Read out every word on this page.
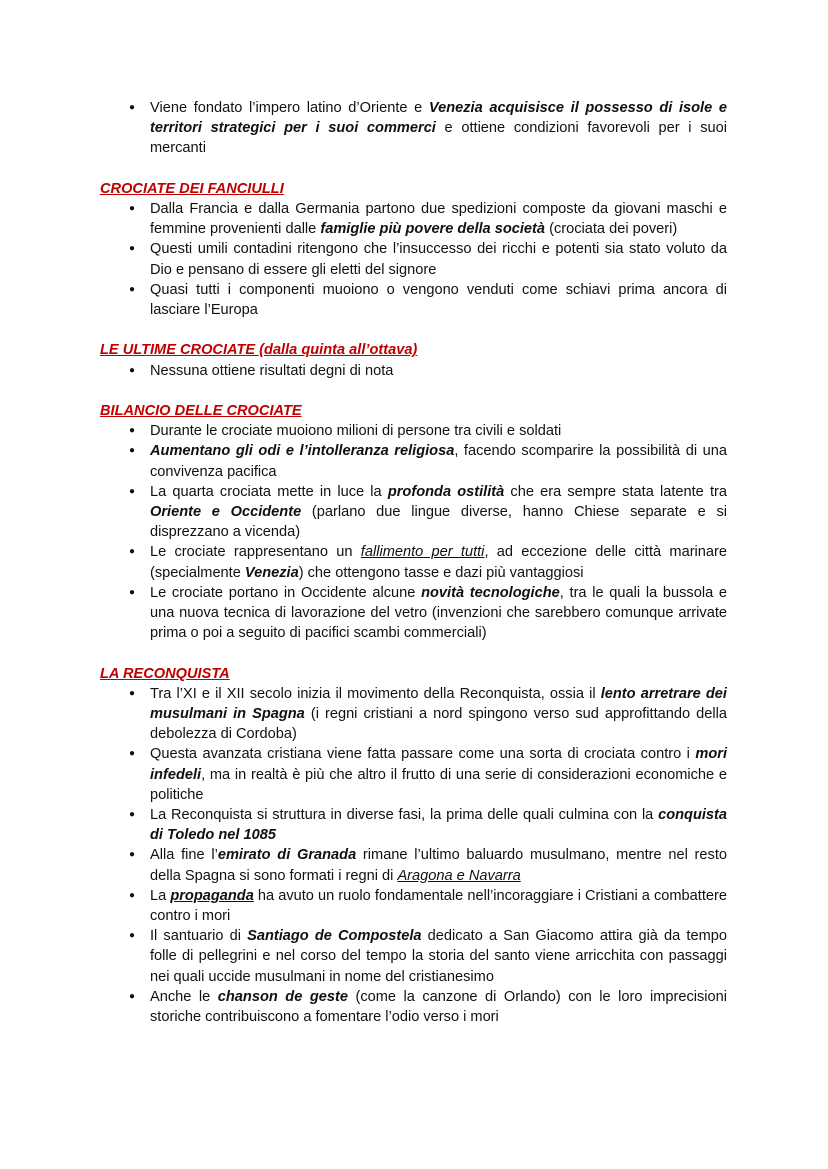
● Viene fondato l’impero latino d’Oriente e Venezia acquisisce il possesso di isole e territori strategici per i suoi commerci e ottiene condizioni favorevoli per i suoi mercanti
CROCIATE DEI FANCIULLI
● Dalla Francia e dalla Germania partono due spedizioni composte da giovani maschi e femmine provenienti dalle famiglie più povere della società (crociata dei poveri)
● Questi umili contadini ritengono che l’insuccesso dei ricchi e potenti sia stato voluto da Dio e pensano di essere gli eletti del signore
● Quasi tutti i componenti muoiono o vengono venduti come schiavi prima ancora di lasciare l’Europa
LE ULTIME CROCIATE (dalla quinta all’ottava)
● Nessuna ottiene risultati degni di nota
BILANCIO DELLE CROCIATE
● Durante le crociate muoiono milioni di persone tra civili e soldati
● Aumentano gli odi e l’intolleranza religiosa, facendo scomparire la possibilità di una convivenza pacifica
● La quarta crociata mette in luce la profonda ostilità che era sempre stata latente tra Oriente e Occidente (parlano due lingue diverse, hanno Chiese separate e si disprezzano a vicenda)
● Le crociate rappresentano un fallimento per tutti, ad eccezione delle città marinare (specialmente Venezia) che ottengono tasse e dazi più vantaggiosi
● Le crociate portano in Occidente alcune novità tecnologiche, tra le quali la bussola e una nuova tecnica di lavorazione del vetro (invenzioni che sarebbero comunque arrivate prima o poi a seguito di pacifici scambi commerciali)
LA RECONQUISTA
● Tra l’XI e il XII secolo inizia il movimento della Reconquista, ossia il lento arretrare dei musulmani in Spagna (i regni cristiani a nord spingono verso sud approfittando della debolezza di Cordoba)
● Questa avanzata cristiana viene fatta passare come una sorta di crociata contro i mori infedeli, ma in realtà è più che altro il frutto di una serie di considerazioni economiche e politiche
● La Reconquista si struttura in diverse fasi, la prima delle quali culmina con la conquista di Toledo nel 1085
● Alla fine l’emirato di Granada rimane l’ultimo baluardo musulmano, mentre nel resto della Spagna si sono formati i regni di Aragona e Navarra
● La propaganda ha avuto un ruolo fondamentale nell’incoraggiare i Cristiani a combattere contro i mori
● Il santuario di Santiago de Compostela dedicato a San Giacomo attira già da tempo folle di pellegrini e nel corso del tempo la storia del santo viene arricchita con passaggi nei quali uccide musulmani in nome del cristianesimo
● Anche le chanson de geste (come la canzone di Orlando) con le loro imprecisioni storiche contribuiscono a fomentare l’odio verso i mori
